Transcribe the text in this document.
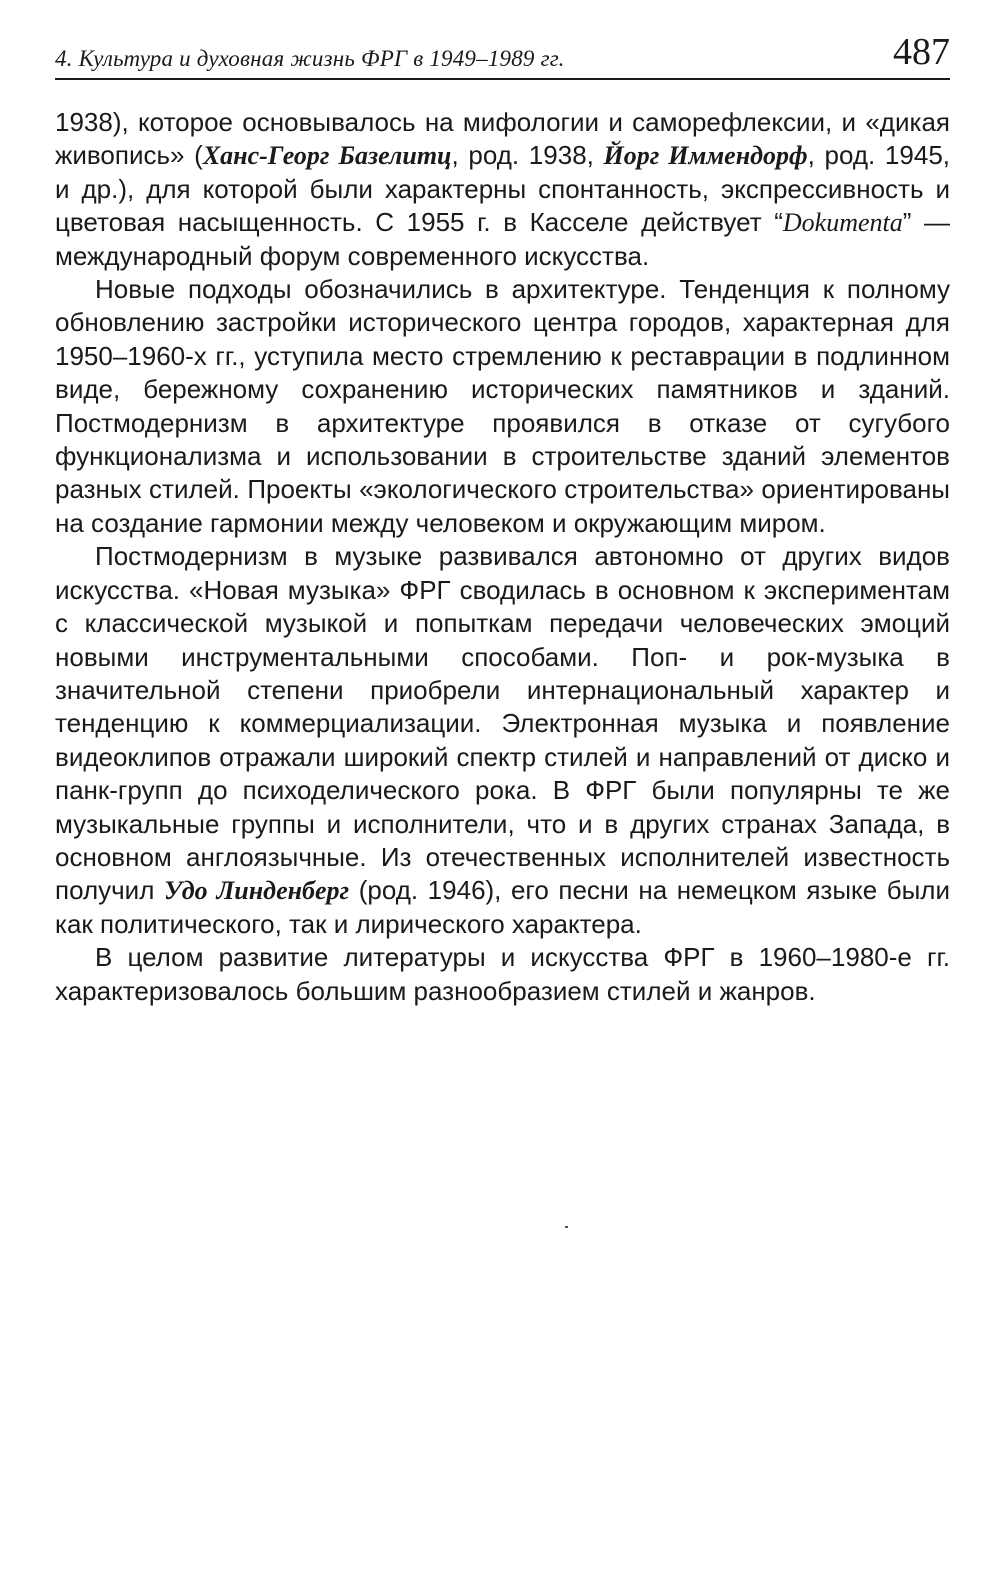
4. Культура и духовная жизнь ФРГ в 1949–1989 гг.	487

1938), которое основывалось на мифологии и саморефлексии, и «дикая живопись» (Ханс-Георг Базелитц, род. 1938, Йорг Иммендорф, род. 1945, и др.), для которой были характерны спонтанность, экспрессивность и цветовая насыщенность. С 1955 г. в Касселе действует “Dokumenta” — международный форум современного искусства.

Новые подходы обозначились в архитектуре. Тенденция к полному обновлению застройки исторического центра городов, характерная для 1950–1960-х гг., уступила место стремлению к реставрации в подлинном виде, бережному сохранению исторических памятников и зданий. Постмодернизм в архитектуре проявился в отказе от сугубого функционализма и использовании в строительстве зданий элементов разных стилей. Проекты «экологического строительства» ориентированы на создание гармонии между человеком и окружающим миром.

Постмодернизм в музыке развивался автономно от других видов искусства. «Новая музыка» ФРГ сводилась в основном к экспериментам с классической музыкой и попыткам передачи человеческих эмоций новыми инструментальными способами. Поп- и рок-музыка в значительной степени приобрели интернациональный характер и тенденцию к коммерциализации. Электронная музыка и появление видеоклипов отражали широкий спектр стилей и направлений от диско и панк-групп до психоделического рока. В ФРГ были популярны те же музыкальные группы и исполнители, что и в других странах Запада, в основном англоязычные. Из отечественных исполнителей известность получил Удо Линденберг (род. 1946), его песни на немецком языке были как политического, так и лирического характера.

В целом развитие литературы и искусства ФРГ в 1960–1980-е гг. характеризовалось большим разнообразием стилей и жанров.
